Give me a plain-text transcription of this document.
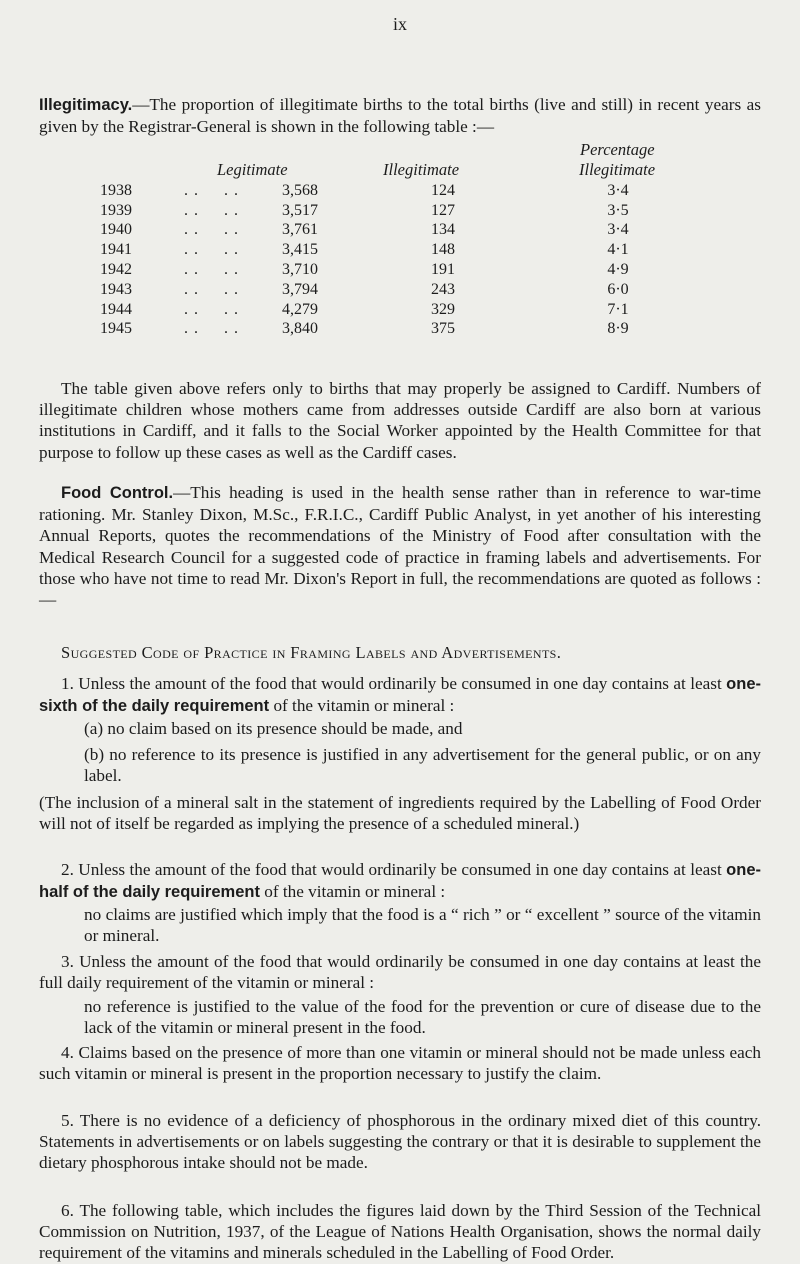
ix

Illegitimacy.—The proportion of illegitimate births to the total births (live and still) in recent years as given by the Registrar-General is shown in the following table :—

Legitimate	Illegitimate
Percentage
Illegitimate
1938	. .     . .	3,568	124	3·4
1939	. .     . .	3,517	127	3·5
1940	. .     . .	3,761	134	3·4
1941	. .     . .	3,415	148	4·1
1942	. .     . .	3,710	191	4·9
1943	. .     . .	3,794	243	6·0
1944	. .     . .	4,279	329	7·1
1945	. .     . .	3,840	375	8·9

The table given above refers only to births that may properly be assigned to Cardiff. Numbers of illegitimate children whose mothers came from addresses outside Cardiff are also born at various institutions in Cardiff, and it falls to the Social Worker appointed by the Health Committee for that purpose to follow up these cases as well as the Cardiff cases.

Food Control.—This heading is used in the health sense rather than in reference to war-time rationing. Mr. Stanley Dixon, M.Sc., F.R.I.C., Cardiff Public Analyst, in yet another of his interesting Annual Reports, quotes the recommendations of the Ministry of Food after consultation with the Medical Research Council for a suggested code of practice in framing labels and advertisements. For those who have not time to read Mr. Dixon's Report in full, the recommendations are quoted as follows :—

Suggested Code of Practice in Framing Labels and Advertisements.

1. Unless the amount of the food that would ordinarily be consumed in one day contains at least one-sixth of the daily requirement of the vitamin or mineral :

(a) no claim based on its presence should be made, and

(b) no reference to its presence is justified in any advertisement for the general public, or on any label.

(The inclusion of a mineral salt in the statement of ingredients required by the Labelling of Food Order will not of itself be regarded as implying the presence of a scheduled mineral.)

2. Unless the amount of the food that would ordinarily be consumed in one day contains at least one-half of the daily requirement of the vitamin or mineral :

no claims are justified which imply that the food is a “ rich ” or “ excellent ” source of the vitamin or mineral.

3. Unless the amount of the food that would ordinarily be consumed in one day contains at least the full daily requirement of the vitamin or mineral :

no reference is justified to the value of the food for the prevention or cure of disease due to the lack of the vitamin or mineral present in the food.

4. Claims based on the presence of more than one vitamin or mineral should not be made unless each such vitamin or mineral is present in the proportion necessary to justify the claim.

5. There is no evidence of a deficiency of phosphorous in the ordinary mixed diet of this country. Statements in advertisements or on labels suggesting the contrary or that it is desirable to supplement the dietary phosphorous intake should not be made.

6. The following table, which includes the figures laid down by the Third Session of the Technical Commission on Nutrition, 1937, of the League of Nations Health Organisation, shows the normal daily requirement of the vitamins and minerals scheduled in the Labelling of Food Order.
